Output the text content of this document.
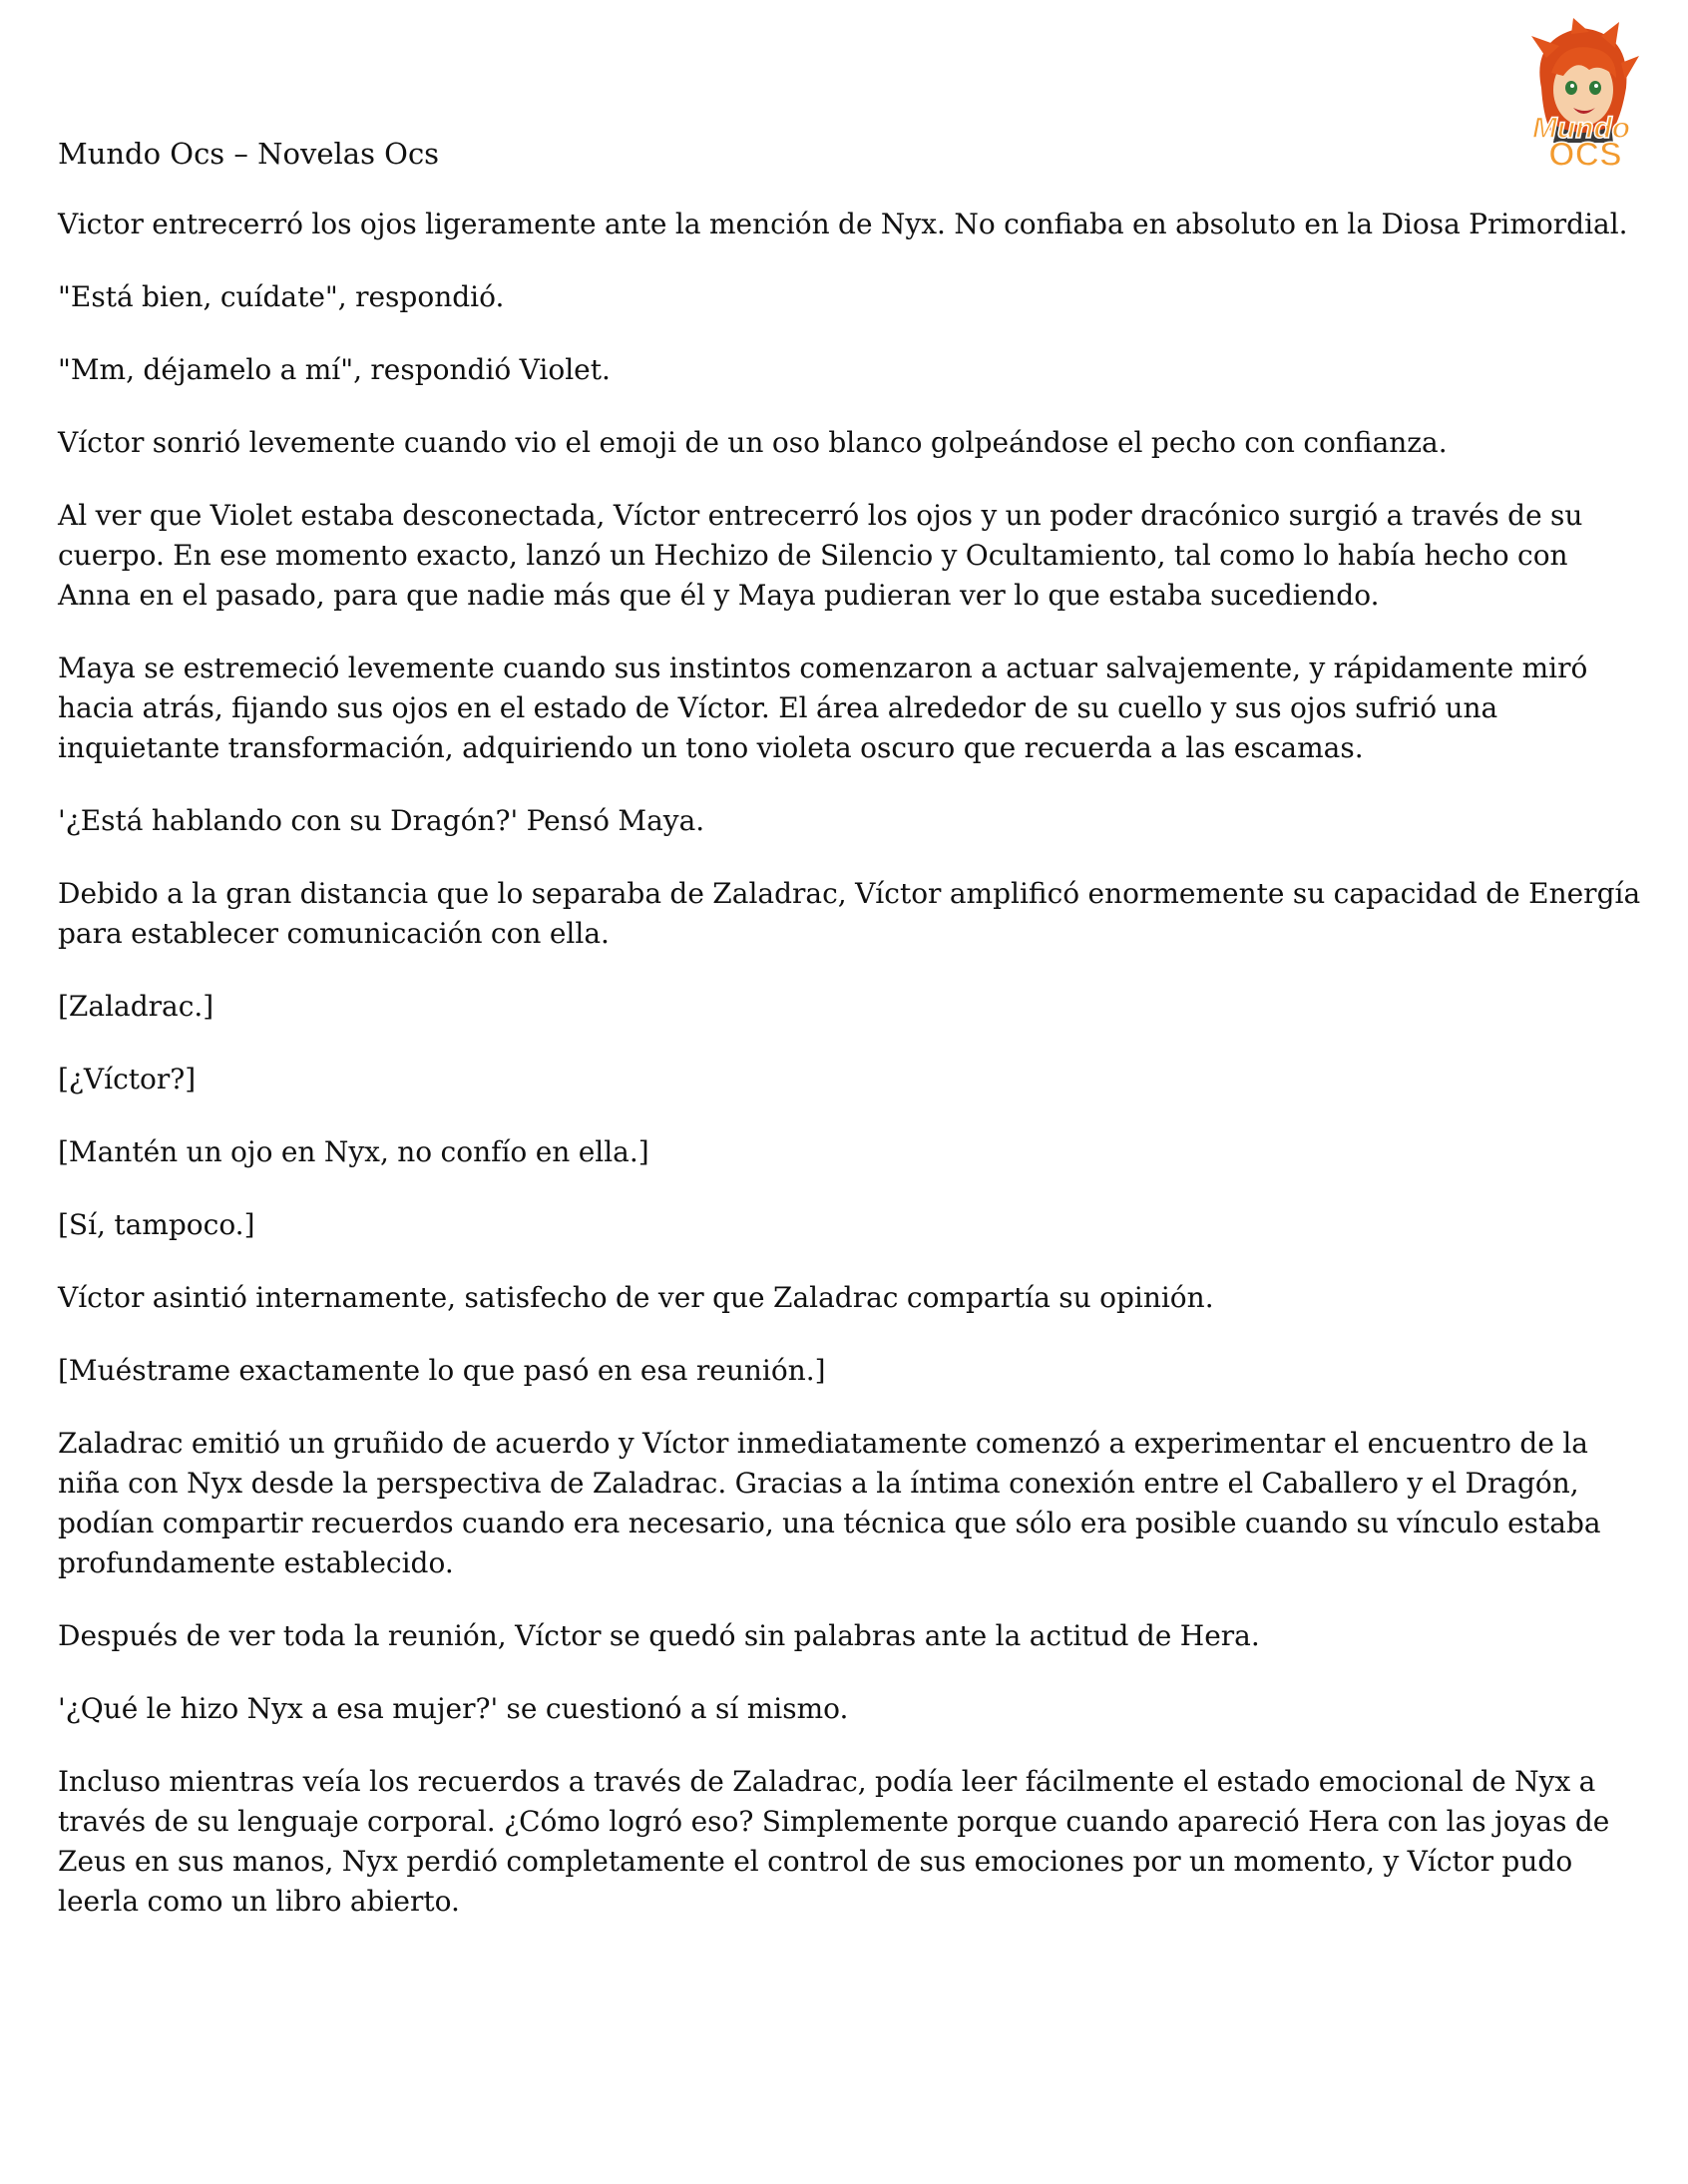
Mundo
OCS
Mundo Ocs – Novelas Ocs

Victor entrecerró los ojos ligeramente ante la mención de Nyx. No confiaba en absoluto en la Diosa Primordial.

"Está bien, cuídate", respondió.

"Mm, déjamelo a mí", respondió Violet.

Víctor sonrió levemente cuando vio el emoji de un oso blanco golpeándose el pecho con confianza.

Al ver que Violet estaba desconectada, Víctor entrecerró los ojos y un poder dracónico surgió a través de su cuerpo. En ese momento exacto, lanzó un Hechizo de Silencio y Ocultamiento, tal como lo había hecho con Anna en el pasado, para que nadie más que él y Maya pudieran ver lo que estaba sucediendo.

Maya se estremeció levemente cuando sus instintos comenzaron a actuar salvajemente, y rápidamente miró hacia atrás, fijando sus ojos en el estado de Víctor. El área alrededor de su cuello y sus ojos sufrió una inquietante transformación, adquiriendo un tono violeta oscuro que recuerda a las escamas.

'¿Está hablando con su Dragón?' Pensó Maya.

Debido a la gran distancia que lo separaba de Zaladrac, Víctor amplificó enormemente su capacidad de Energía para establecer comunicación con ella.

[Zaladrac.]

[¿Víctor?]

[Mantén un ojo en Nyx, no confío en ella.]

[Sí, tampoco.]

Víctor asintió internamente, satisfecho de ver que Zaladrac compartía su opinión.

[Muéstrame exactamente lo que pasó en esa reunión.]

Zaladrac emitió un gruñido de acuerdo y Víctor inmediatamente comenzó a experimentar el encuentro de la niña con Nyx desde la perspectiva de Zaladrac. Gracias a la íntima conexión entre el Caballero y el Dragón, podían compartir recuerdos cuando era necesario, una técnica que sólo era posible cuando su vínculo estaba profundamente establecido.

Después de ver toda la reunión, Víctor se quedó sin palabras ante la actitud de Hera.

'¿Qué le hizo Nyx a esa mujer?' se cuestionó a sí mismo.

Incluso mientras veía los recuerdos a través de Zaladrac, podía leer fácilmente el estado emocional de Nyx a través de su lenguaje corporal. ¿Cómo logró eso? Simplemente porque cuando apareció Hera con las joyas de Zeus en sus manos, Nyx perdió completamente el control de sus emociones por un momento, y Víctor pudo leerla como un libro abierto.
